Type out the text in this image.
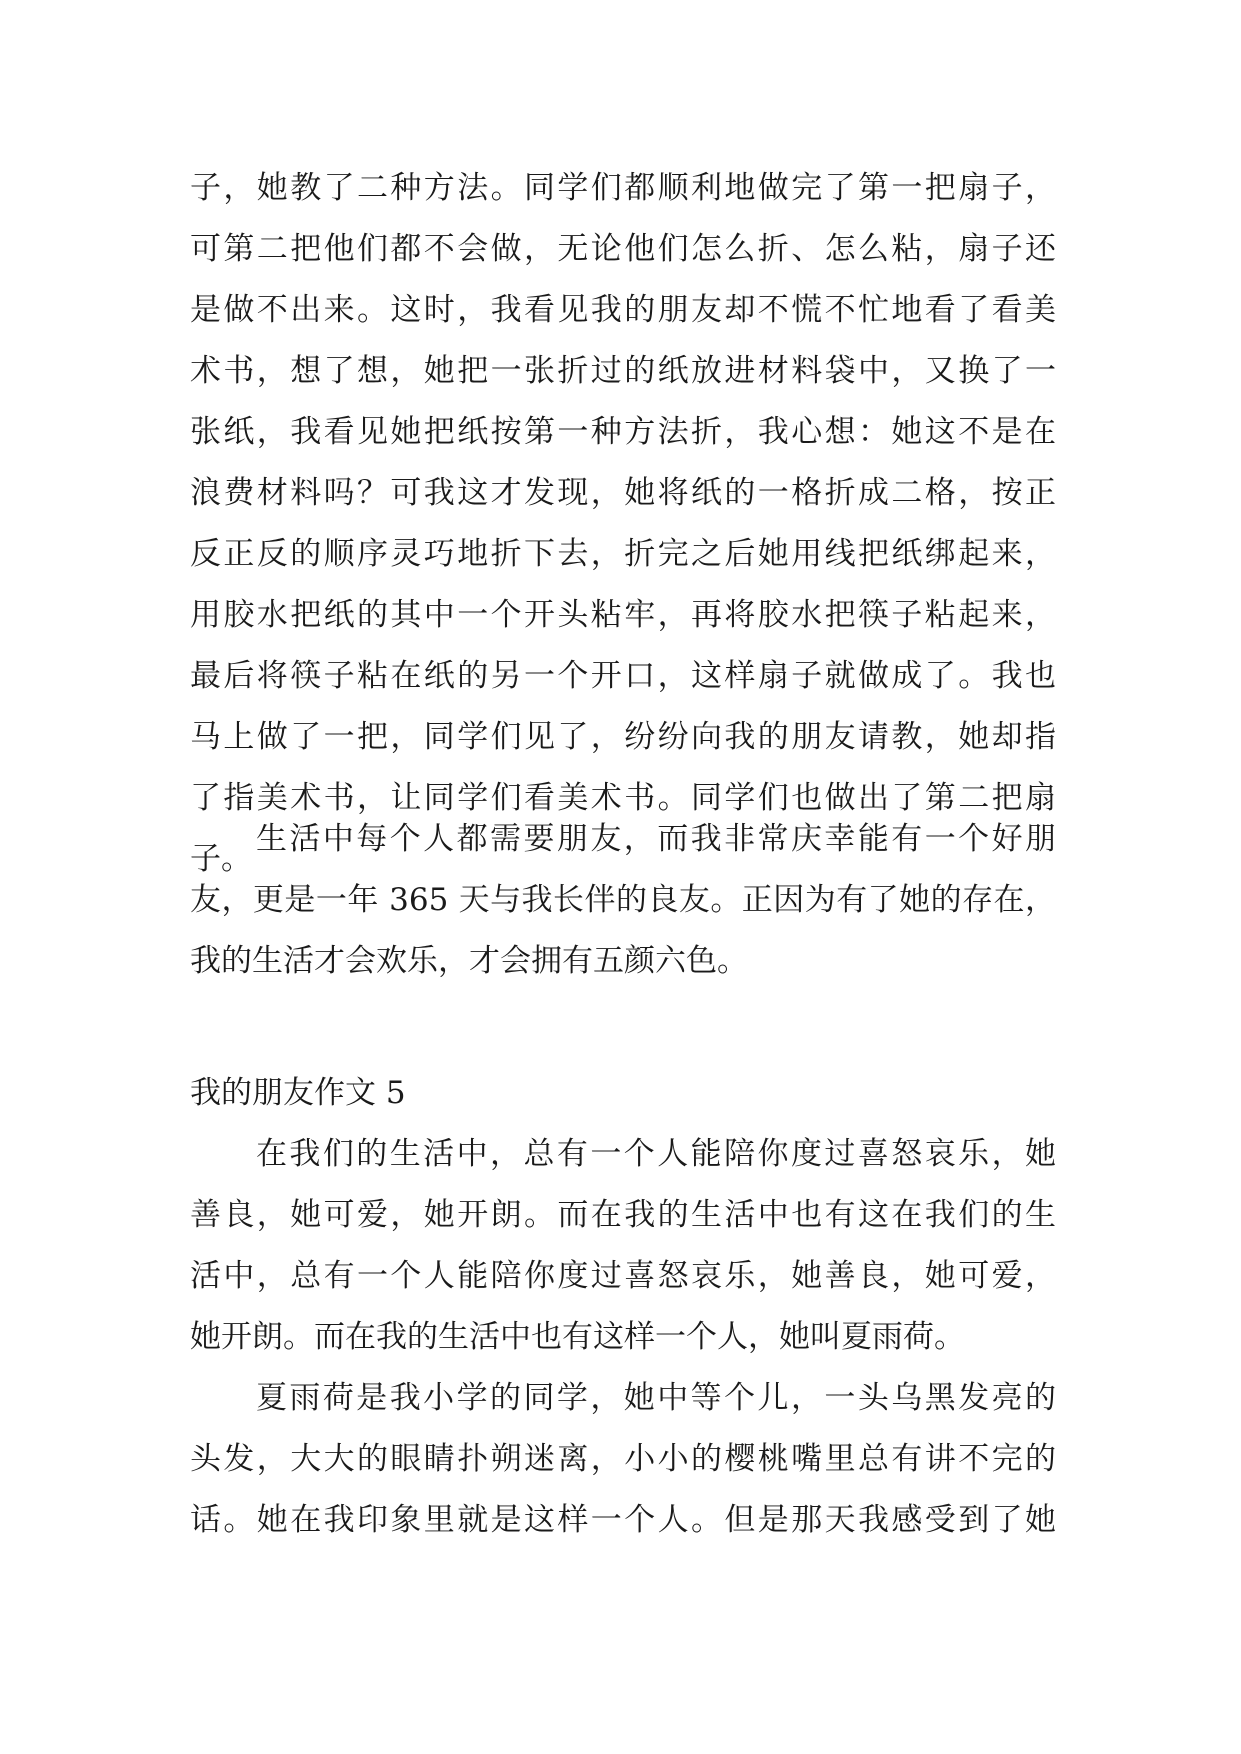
子，她教了二种方法。同学们都顺利地做完了第一把扇子，
可第二把他们都不会做，无论他们怎么折、怎么粘，扇子还
是做不出来。这时，我看见我的朋友却不慌不忙地看了看美
术书，想了想，她把一张折过的纸放进材料袋中，又换了一
张纸，我看见她把纸按第一种方法折，我心想：她这不是在
浪费材料吗？可我这才发现，她将纸的一格折成二格，按正
反正反的顺序灵巧地折下去，折完之后她用线把纸绑起来，
用胶水把纸的其中一个开头粘牢，再将胶水把筷子粘起来，
最后将筷子粘在纸的另一个开口，这样扇子就做成了。我也
马上做了一把，同学们见了，纷纷向我的朋友请教，她却指
了指美术书，让同学们看美术书。同学们也做出了第二把扇
子。
生活中每个人都需要朋友，而我非常庆幸能有一个好朋
友，更是一年 365 天与我长伴的良友。正因为有了她的存在，
我的生活才会欢乐，才会拥有五颜六色。
我的朋友作文 5
在我们的生活中，总有一个人能陪你度过喜怒哀乐，她
善良，她可爱，她开朗。而在我的生活中也有这在我们的生
活中，总有一个人能陪你度过喜怒哀乐，她善良，她可爱，
她开朗。而在我的生活中也有这样一个人，她叫夏雨荷。
夏雨荷是我小学的同学，她中等个儿，一头乌黑发亮的
头发，大大的眼睛扑朔迷离，小小的樱桃嘴里总有讲不完的
话。她在我印象里就是这样一个人。但是那天我感受到了她
